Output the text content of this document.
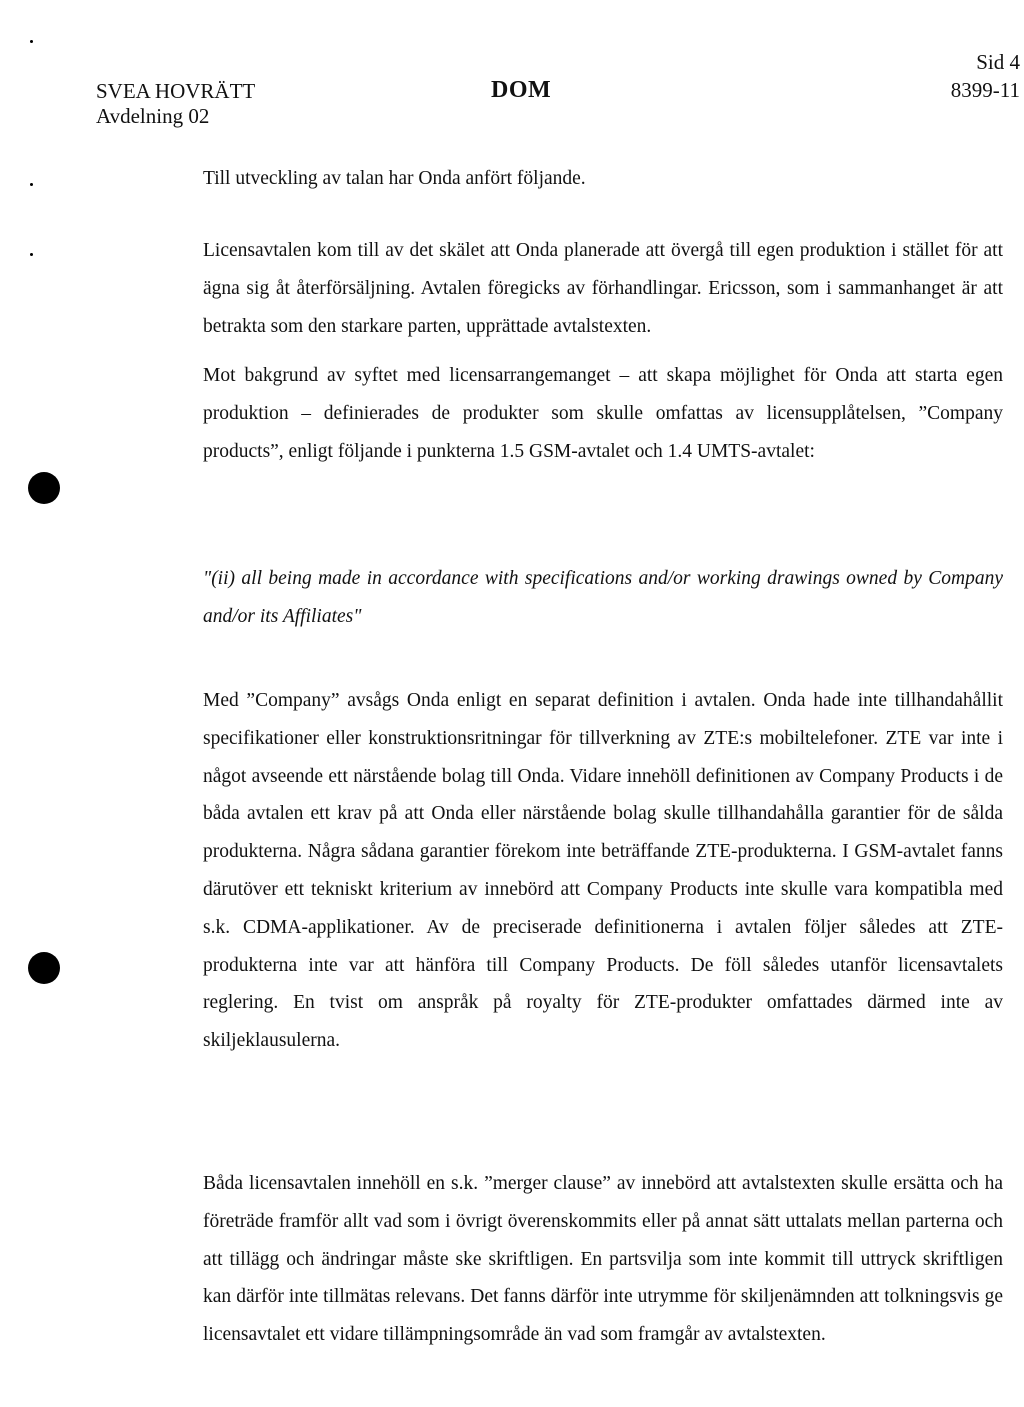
SVEA HOVRÄTT
Avdelning 02
DOM
Sid 4
8399-11

Till utveckling av talan har Onda anfört följande.

Licensavtalen kom till av det skälet att Onda planerade att övergå till egen produktion i stället för att ägna sig åt återförsäljning. Avtalen föregicks av förhandlingar. Ericsson, som i sammanhanget är att betrakta som den starkare parten, upprättade avtalstexten.

Mot bakgrund av syftet med licensarrangemanget – att skapa möjlighet för Onda att starta egen produktion – definierades de produkter som skulle omfattas av licensupplåtelsen, ”Company products”, enligt följande i punkterna 1.5 GSM-avtalet och 1.4 UMTS-avtalet:

"(ii) all being made in accordance with specifications and/or working drawings owned by Company and/or its Affiliates"

Med ”Company” avsågs Onda enligt en separat definition i avtalen. Onda hade inte tillhandahållit specifikationer eller konstruktionsritningar för tillverkning av ZTE:s mobiltelefoner. ZTE var inte i något avseende ett närstående bolag till Onda. Vidare innehöll definitionen av Company Products i de båda avtalen ett krav på att Onda eller närstående bolag skulle tillhandahålla garantier för de sålda produkterna. Några sådana garantier förekom inte beträffande ZTE-produkterna. I GSM-avtalet fanns därutöver ett tekniskt kriterium av innebörd att Company Products inte skulle vara kompatibla med s.k. CDMA-applikationer. Av de preciserade definitionerna i avtalen följer således att ZTE-produkterna inte var att hänföra till Company Products. De föll således utanför licensavtalets reglering. En tvist om anspråk på royalty för ZTE-produkter omfattades därmed inte av skiljeklausulerna.

Båda licensavtalen innehöll en s.k. ”merger clause” av innebörd att avtalstexten skulle ersätta och ha företräde framför allt vad som i övrigt överenskommits eller på annat sätt uttalats mellan parterna och att tillägg och ändringar måste ske skriftligen. En partsvilja som inte kommit till uttryck skriftligen kan därför inte tillmätas relevans. Det fanns därför inte utrymme för skiljenämnden att tolkningsvis ge licensavtalet ett vidare tillämpningsområde än vad som framgår av avtalstexten.
